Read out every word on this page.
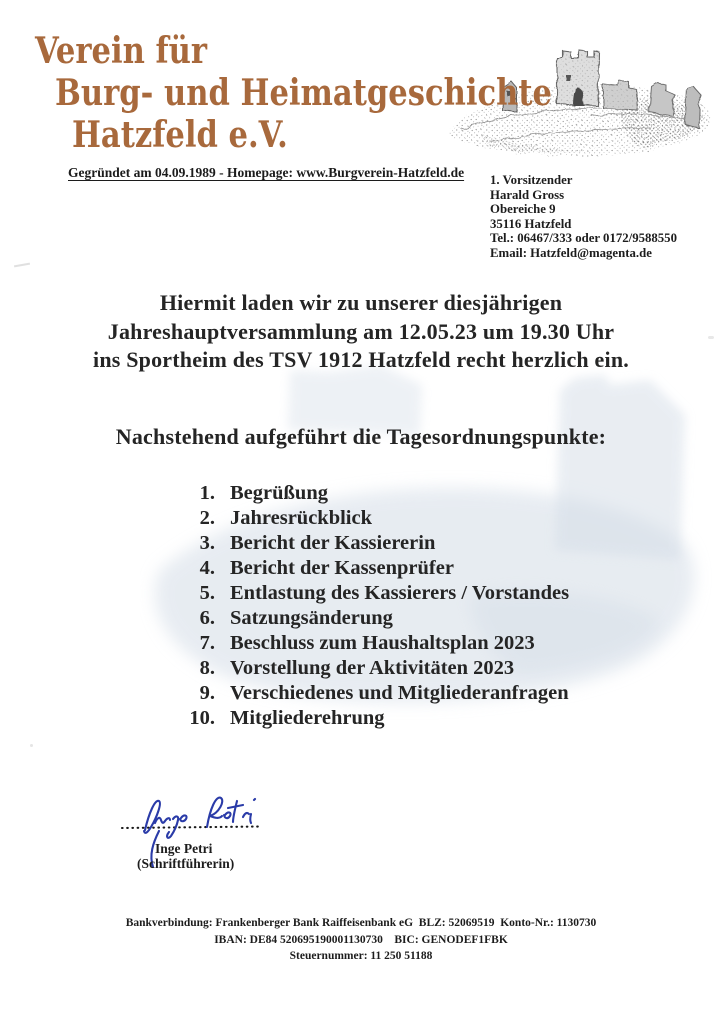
Verein für
Burg- und Heimatgeschichte
Hatzfeld e.V.
Gegründet am 04.09.1989 - Homepage: www.Burgverein-Hatzfeld.de 1. Vorsitzender
Harald Gross
Obereiche 9
35116 Hatzfeld
Tel.: 06467/333 oder 0172/9588550
Email: Hatzfeld@magenta.de
Hiermit laden wir zu unserer diesjährigen
Jahreshauptversammlung am 12.05.23 um 19.30 Uhr
ins Sportheim des TSV 1912 Hatzfeld recht herzlich ein.
Nachstehend aufgeführt die Tagesordnungspunkte:
1. Begrüßung
2. Jahresrückblick
3. Bericht der Kassiererin
4. Bericht der Kassenprüfer
5. Entlastung des Kassierers / Vorstandes
6. Satzungsänderung
7. Beschluss zum Haushaltsplan 2023
8. Vorstellung der Aktivitäten 2023
9. Verschiedenes und Mitgliederanfragen
10. Mitgliederehrung
Inge Petri
(Schriftführerin)
Bankverbindung: Frankenberger Bank Raiffeisenbank eG  BLZ: 52069519  Konto-Nr.: 1130730
IBAN: DE84 520695190001130730    BIC: GENODEF1FBK
Steuernummer: 11 250 51188
